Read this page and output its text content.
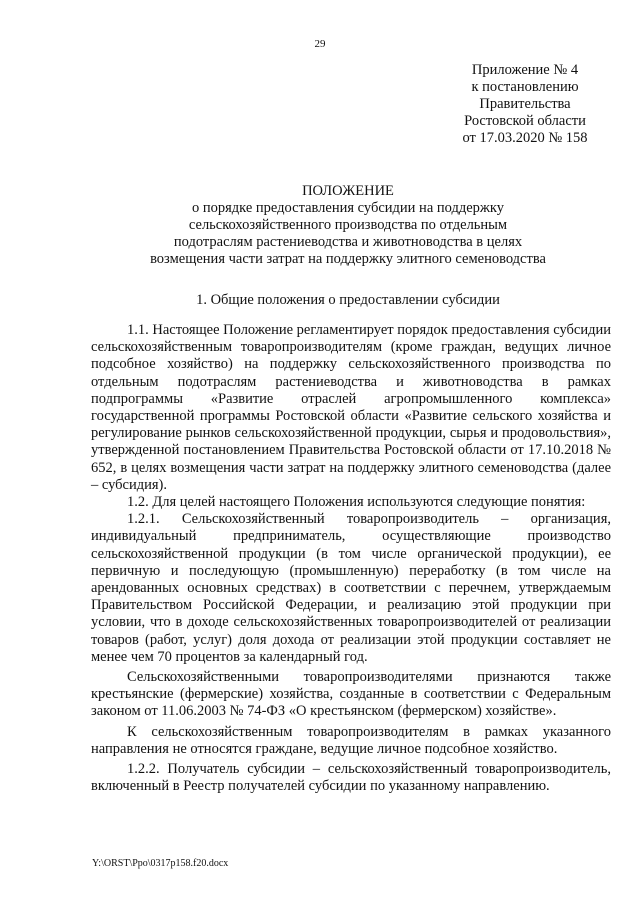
29
Приложение № 4
к постановлению
Правительства
Ростовской области
от 17.03.2020 № 158
ПОЛОЖЕНИЕ
о порядке предоставления субсидии на поддержку
сельскохозяйственного производства по отдельным
подотраслям растениеводства и животноводства в целях
возмещения части затрат на поддержку элитного семеноводства
1. Общие положения о предоставлении субсидии

1.1. Настоящее Положение регламентирует порядок предоставления субсидии сельскохозяйственным товаропроизводителям (кроме граждан, ведущих личное подсобное хозяйство) на поддержку сельскохозяйственного производства по отдельным подотраслям растениеводства и животноводства в рамках подпрограммы «Развитие отраслей агропромышленного комплекса» государственной программы Ростовской области «Развитие сельского хозяйства и регулирование рынков сельскохозяйственной продукции, сырья и продовольствия», утвержденной постановлением Правительства Ростовской области от 17.10.2018 № 652, в целях возмещения части затрат на поддержку элитного семеноводства (далее – субсидия).

1.2. Для целей настоящего Положения используются следующие понятия:

1.2.1. Сельскохозяйственный товаропроизводитель – организация, индивидуальный предприниматель, осуществляющие производство сельскохозяйственной продукции (в том числе органической продукции), ее первичную и последующую (промышленную) переработку (в том числе на арендованных основных средствах) в соответствии с перечнем, утверждаемым Правительством Российской Федерации, и реализацию этой продукции при условии, что в доходе сельскохозяйственных товаропроизводителей от реализации товаров (работ, услуг) доля дохода от реализации этой продукции составляет не менее чем 70 процентов за календарный год.

Сельскохозяйственными товаропроизводителями признаются также крестьянские (фермерские) хозяйства, созданные в соответствии с Федеральным законом от 11.06.2003 № 74-ФЗ «О крестьянском (фермерском) хозяйстве».

К сельскохозяйственным товаропроизводителям в рамках указанного направления не относятся граждане, ведущие личное подсобное хозяйство.

1.2.2. Получатель субсидии – сельскохозяйственный товаропроизводитель, включенный в Реестр получателей субсидии по указанному направлению.

Y:\ORST\Ppo\0317p158.f20.docx
